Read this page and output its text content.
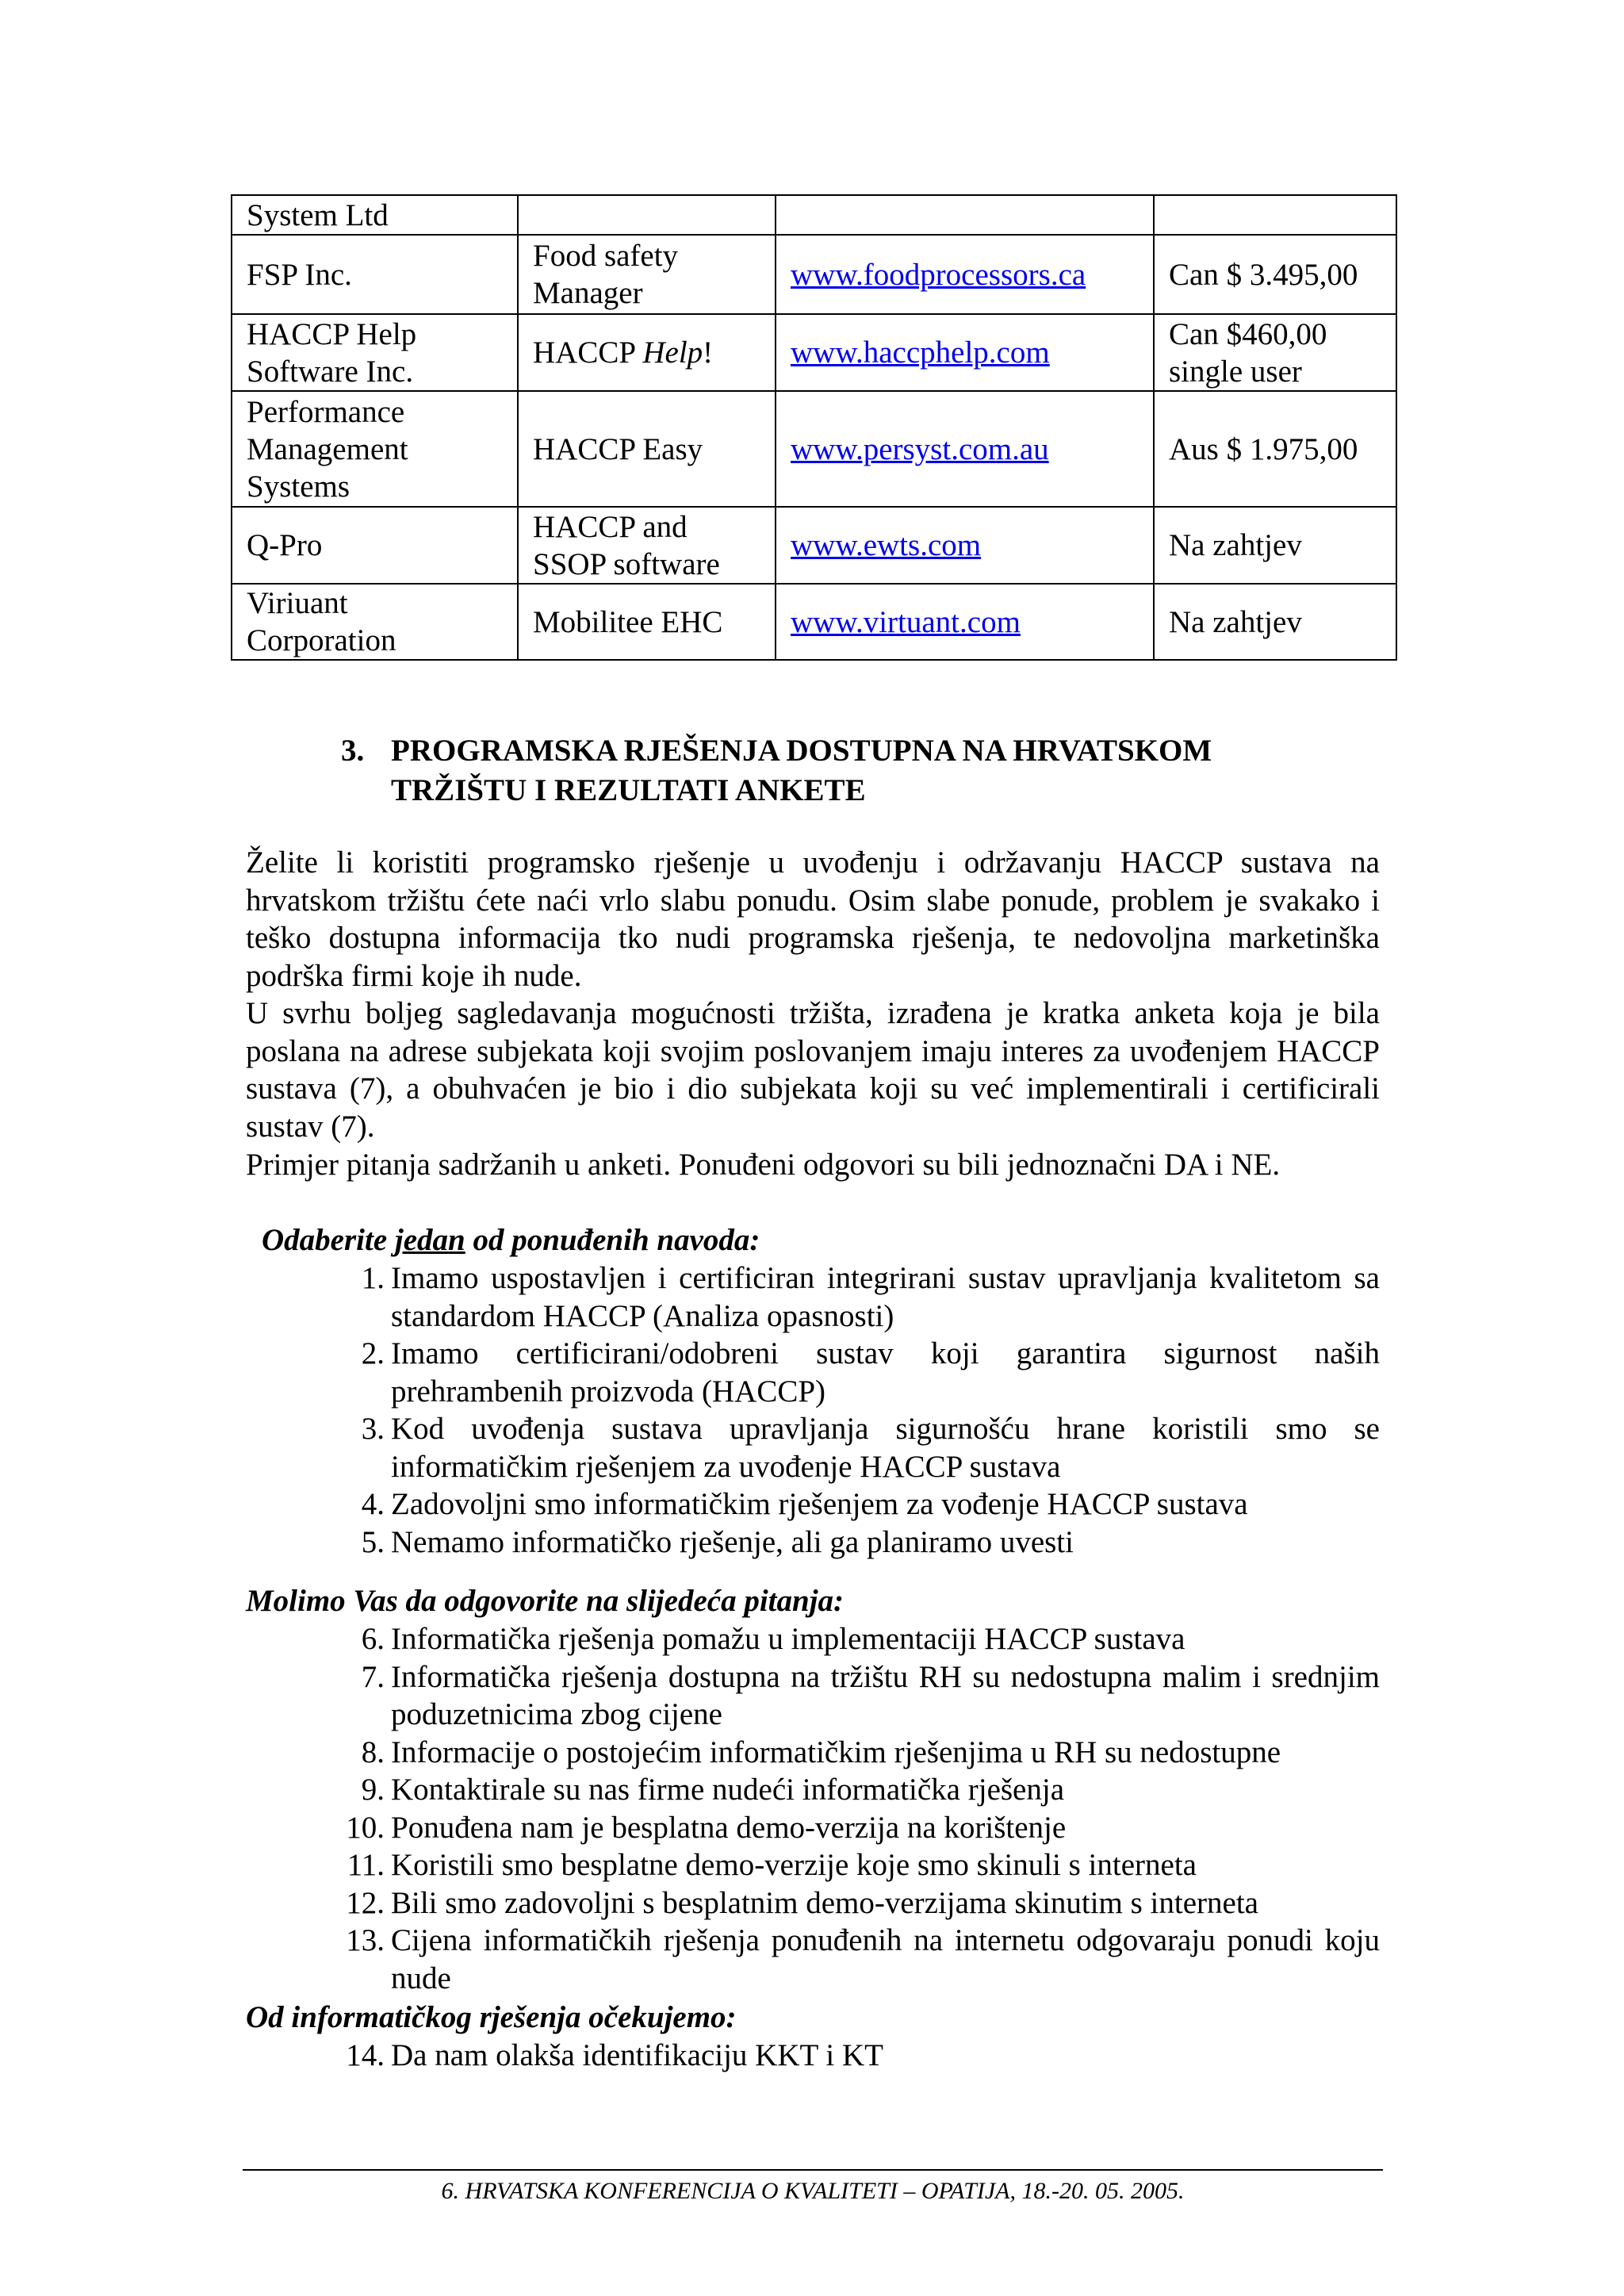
System Ltd			
FSP Inc.	Food safety Manager	www.foodprocessors.ca	Can $ 3.495,00
HACCP Help Software Inc.	HACCP Help!	www.haccphelp.com	Can $460,00 single user
Performance Management Systems	HACCP Easy	www.persyst.com.au	Aus $ 1.975,00
Q-Pro	HACCP and SSOP software	www.ewts.com	Na zahtjev
Viriuant Corporation	Mobilitee EHC	www.virtuant.com	Na zahtjev
3. PROGRAMSKA RJEŠENJA DOSTUPNA NA HRVATSKOM TRŽIŠTU I REZULTATI ANKETE
Želite li koristiti programsko rješenje u uvođenju i održavanju HACCP sustava na hrvatskom tržištu ćete naći vrlo slabu ponudu. Osim slabe ponude, problem je svakako i teško dostupna informacija tko nudi programska rješenja, te nedovoljna marketinška podrška firmi koje ih nude.
U svrhu boljeg sagledavanja mogućnosti tržišta, izrađena je kratka anketa koja je bila poslana na adrese subjekata koji svojim poslovanjem imaju interes za uvođenjem HACCP sustava (7), a obuhvaćen je bio i dio subjekata koji su već implementirali i certificirali sustav (7).
Primjer pitanja sadržanih u anketi. Ponuđeni odgovori su bili jednoznačni DA i NE.
Odaberite jedan od ponuđenih navoda:
1. Imamo uspostavljen i certificiran integrirani sustav upravljanja kvalitetom sa standardom HACCP (Analiza opasnosti)
2. Imamo certificirani/odobreni sustav koji garantira sigurnost naših prehrambenih proizvoda (HACCP)
3. Kod uvođenja sustava upravljanja sigurnošću hrane koristili smo se informatičkim rješenjem za uvođenje HACCP sustava
4. Zadovoljni smo informatičkim rješenjem za vođenje HACCP sustava
5. Nemamo informatičko rješenje, ali ga planiramo uvesti
Molimo Vas da odgovorite na slijedeća pitanja:
6. Informatička rješenja pomažu u implementaciji HACCP sustava
7. Informatička rješenja dostupna na tržištu RH su nedostupna malim i srednjim poduzetnicima zbog cijene
8. Informacije o postojećim informatičkim rješenjima u RH su nedostupne
9. Kontaktirale su nas firme nudeći informatička rješenja
10. Ponuđena nam je besplatna demo-verzija na korištenje
11. Koristili smo besplatne demo-verzije koje smo skinuli s interneta
12. Bili smo zadovoljni s besplatnim demo-verzijama skinutim s interneta
13. Cijena informatičkih rješenja ponuđenih na internetu odgovaraju ponudi koju nude
Od informatičkog rješenja očekujemo:
14. Da nam olakša identifikaciju KKT i KT
6. HRVATSKA KONFERENCIJA O KVALITETI – OPATIJA, 18.-20. 05. 2005.
